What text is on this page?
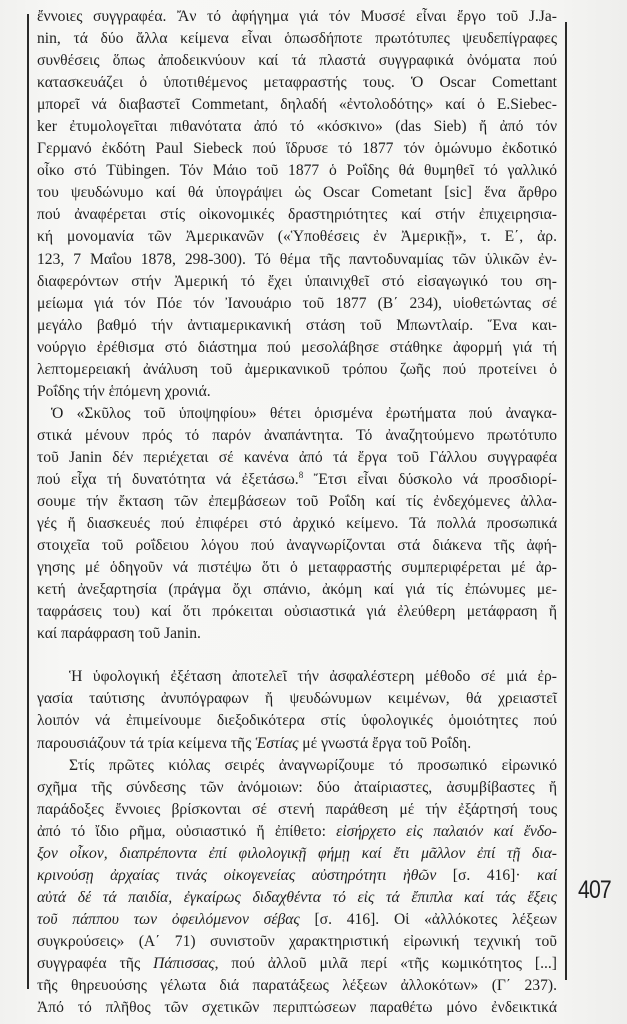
ἔννοιες συγγραφέα. Ἄν τό ἀφήγημα γιά τόν Μυσσέ εἶναι ἔργο τοῦ J.Ja-
nin, τά δύο ἄλλα κείμενα εἶναι ὁπωσδήποτε πρωτότυπες ψευδεπίγραφες
συνθέσεις ὅπως ἀποδεικνύουν καί τά πλαστά συγγραφικά ὀνόματα πού
κατασκευάζει ὁ ὑποτιθέμενος μεταφραστής τους. Ὁ Oscar Comettant
μπορεῖ νά διαβαστεῖ Commetant, δηλαδή «ἐντολοδότης» καί ὁ E.Siebec-
ker ἐτυμολογεῖται πιθανότατα ἀπό τό «κόσκινο» (das Sieb) ἤ ἀπό τόν
Γερμανό ἐκδότη Paul Siebeck πού ἵδρυσε τό 1877 τόν ὁμώνυμο ἐκδοτικό
οἶκο στό Tübingen. Τόν Μάιο τοῦ 1877 ὁ Ροΐδης θά θυμηθεῖ τό γαλλικό
του ψευδώνυμο καί θά ὑπογράψει ὡς Oscar Cometant [sic] ἕνα ἄρθρο
πού ἀναφέρεται στίς οἰκονομικές δραστηριότητες καί στήν ἐπιχειρησια-
κή μονομανία τῶν Ἀμερικανῶν («Ὑποθέσεις ἐν Ἀμερικῇ», τ. Ε΄, ἀρ.
123, 7 Μαΐου 1878, 298-300). Τό θέμα τῆς παντοδυναμίας τῶν ὑλικῶν ἐν-
διαφερόντων στήν Ἀμερική τό ἔχει ὑπαινιχθεῖ στό εἰσαγωγικό του ση-
μείωμα γιά τόν Πόε τόν Ἰανουάριο τοῦ 1877 (Β΄ 234), υἱοθετώντας σέ
μεγάλο βαθμό τήν ἀντιαμερικανική στάση τοῦ Μπωντλαίρ. Ἕνα και-
νούργιο ἐρέθισμα στό διάστημα πού μεσολάβησε στάθηκε ἀφορμή γιά τή
λεπτομερειακή ἀνάλυση τοῦ ἀμερικανικοῦ τρόπου ζωῆς πού προτείνει ὁ
Ροΐδης τήν ἑπόμενη χρονιά.
Ὁ «Σκῦλος τοῦ ὑποψηφίου» θέτει ὁρισμένα ἐρωτήματα πού ἀναγκα-
στικά μένουν πρός τό παρόν ἀναπάντητα. Τό ἀναζητούμενο πρωτότυπο
τοῦ Janin δέν περιέχεται σέ κανένα ἀπό τά ἔργα τοῦ Γάλλου συγγραφέα
πού εἶχα τή δυνατότητα νά ἐξετάσω.$^8$ Ἔτσι εἶναι δύσκολο νά προσδιορί-
σουμε τήν ἔκταση τῶν ἐπεμβάσεων τοῦ Ροΐδη καί τίς ἐνδεχόμενες ἀλλα-
γές ἤ διασκευές πού ἐπιφέρει στό ἀρχικό κείμενο. Τά πολλά προσωπικά
στοιχεῖα τοῦ ροΐδειου λόγου πού ἀναγνωρίζονται στά διάκενα τῆς ἀφή-
γησης μέ ὁδηγοῦν νά πιστέψω ὅτι ὁ μεταφραστής συμπεριφέρεται μέ ἀρ-
κετή ἀνεξαρτησία (πράγμα ὄχι σπάνιο, ἀκόμη καί γιά τίς ἐπώνυμες με-
ταφράσεις του) καί ὅτι πρόκειται οὐσιαστικά γιά ἐλεύθερη μετάφραση ἤ
καί παράφραση τοῦ Janin.
Ἡ ὑφολογική ἐξέταση ἀποτελεῖ τήν ἀσφαλέστερη μέθοδο σέ μιά ἐρ-
γασία ταύτισης ἀνυπόγραφων ἤ ψευδώνυμων κειμένων, θά χρειαστεῖ
λοιπόν νά ἐπιμείνουμε διεξοδικότερα στίς ὑφολογικές ὁμοιότητες πού
παρουσιάζουν τά τρία κείμενα τῆς Ἑστίας μέ γνωστά ἔργα τοῦ Ροΐδη.
Στίς πρῶτες κιόλας σειρές ἀναγνωρίζουμε τό προσωπικό εἰρωνικό
σχῆμα τῆς σύνδεσης τῶν ἀνόμοιων: δύο ἀταίριαστες, ἀσυμβίβαστες ἤ
παράδοξες ἔννοιες βρίσκονται σέ στενή παράθεση μέ τήν ἐξάρτησή τους
ἀπό τό ἴδιο ρῆμα, οὐσιαστικό ἤ ἐπίθετο: εἰσήρχετο εἰς παλαιόν καί ἔνδο-
ξον οἶκον, διαπρέποντα ἐπί φιλολογικῇ φήμῃ καί ἔτι μᾶλλον ἐπί τῇ δια-
κρινούσῃ ἀρχαίας τινάς οἰκογενείας αὐστηρότητι ἠθῶν [σ. 416]· καί
αὐτά δέ τά παιδία, ἐγκαίρως διδαχθέντα τό εἰς τά ἔπιπλα καί τάς ἕξεις
τοῦ πάππου των ὀφειλόμενον σέβας [σ. 416]. Οἱ «ἀλλόκοτες λέξεων
συγκρούσεις» (Α΄ 71) συνιστοῦν χαρακτηριστική εἰρωνική τεχνική τοῦ
συγγραφέα τῆς Πάπισσας, πού ἀλλοῦ μιλᾶ περί «τῆς κωμικότητος [...]
τῆς θηρευούσης γέλωτα διά παρατάξεως λέξεων ἀλλοκότων» (Γ΄ 237).
Ἀπό τό πλῆθος τῶν σχετικῶν περιπτώσεων παραθέτω μόνο ἐνδεικτικά
407
